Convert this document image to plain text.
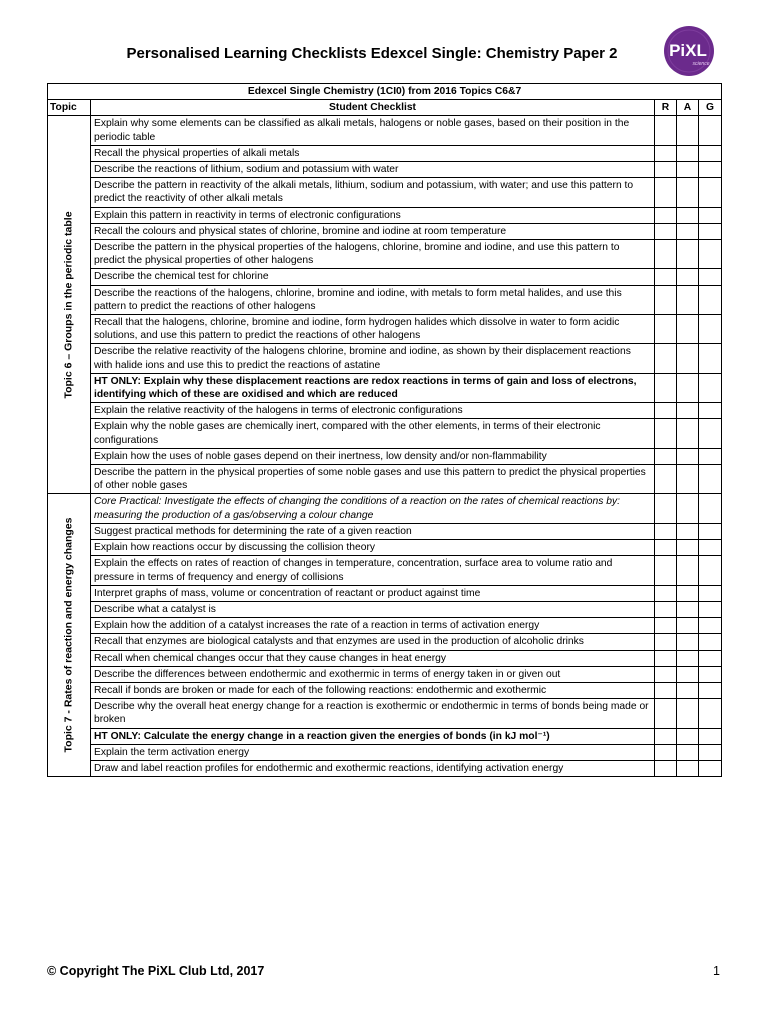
Personalised Learning Checklists Edexcel Single: Chemistry Paper 2	PiXL
science
Edexcel Single Chemistry (1CI0) from 2016 Topics C6&7				
Topic	Student Checklist	R	A	G

Topic 6 – Groups in the periodic table	Explain why some elements can be classified as alkali metals, halogens or noble gases, based on their position in the periodic table			
	Recall the physical properties of alkali metals			
	Describe the reactions of lithium, sodium and potassium with water			
	Describe the pattern in reactivity of the alkali metals, lithium, sodium and potassium, with water; and use this pattern to predict the reactivity of other alkali metals			
	Explain this pattern in reactivity in terms of electronic configurations			
	Recall the colours and physical states of chlorine, bromine and iodine at room temperature			
	Describe the pattern in the physical properties of the halogens, chlorine, bromine and iodine, and use this pattern to predict the physical properties of other halogens			
	Describe the chemical test for chlorine			
	Describe the reactions of the halogens, chlorine, bromine and iodine, with metals to form metal halides, and use this pattern to predict the reactions of other halogens			
	Recall that the halogens, chlorine, bromine and iodine, form hydrogen halides which dissolve in water to form acidic solutions, and use this pattern to predict the reactions of other halogens			
	Describe the relative reactivity of the halogens chlorine, bromine and iodine, as shown by their displacement reactions with halide ions and use this to predict the reactions of astatine			
	HT ONLY: Explain why these displacement reactions are redox reactions in terms of gain and loss of electrons, identifying which of these are oxidised and which are reduced			
	Explain the relative reactivity of the halogens in terms of electronic configurations			
	Explain why the noble gases are chemically inert, compared with the other elements, in terms of their electronic configurations			
	Explain how the uses of noble gases depend on their inertness, low density and/or non-flammability			
	Describe the pattern in the physical properties of some noble gases and use this pattern to predict the physical properties of other noble gases			

Topic 7 - Rates of reaction and energy changes	Core Practical: Investigate the effects of changing the conditions of a reaction on the rates of chemical reactions by: measuring the production of a gas/observing a colour change			
	Suggest practical methods for determining the rate of a given reaction			
	Explain how reactions occur by discussing the collision theory			
	Explain the effects on rates of reaction of changes in temperature, concentration, surface area to volume ratio and pressure in terms of frequency and energy of collisions			
	Interpret graphs of mass, volume or concentration of reactant or product against time			
	Describe what a catalyst is			
	Explain how the addition of a catalyst increases the rate of a reaction in terms of activation energy			
	Recall that enzymes are biological catalysts and that enzymes are used in the production of alcoholic drinks			
	Recall when chemical changes occur that they cause changes in heat energy			
	Describe the differences between endothermic and exothermic in terms of energy taken in or given out			
	Recall if bonds are broken or made for each of the following reactions: endothermic and exothermic			
	Describe why the overall heat energy change for a reaction is exothermic or endothermic in terms of bonds being made or broken			
	HT ONLY: Calculate the energy change in a reaction given the energies of bonds (in kJ mol⁻¹)			
	Explain the term activation energy			
	Draw and label reaction profiles for endothermic and exothermic reactions, identifying activation energy			
© Copyright The PiXL Club Ltd, 2017	1
